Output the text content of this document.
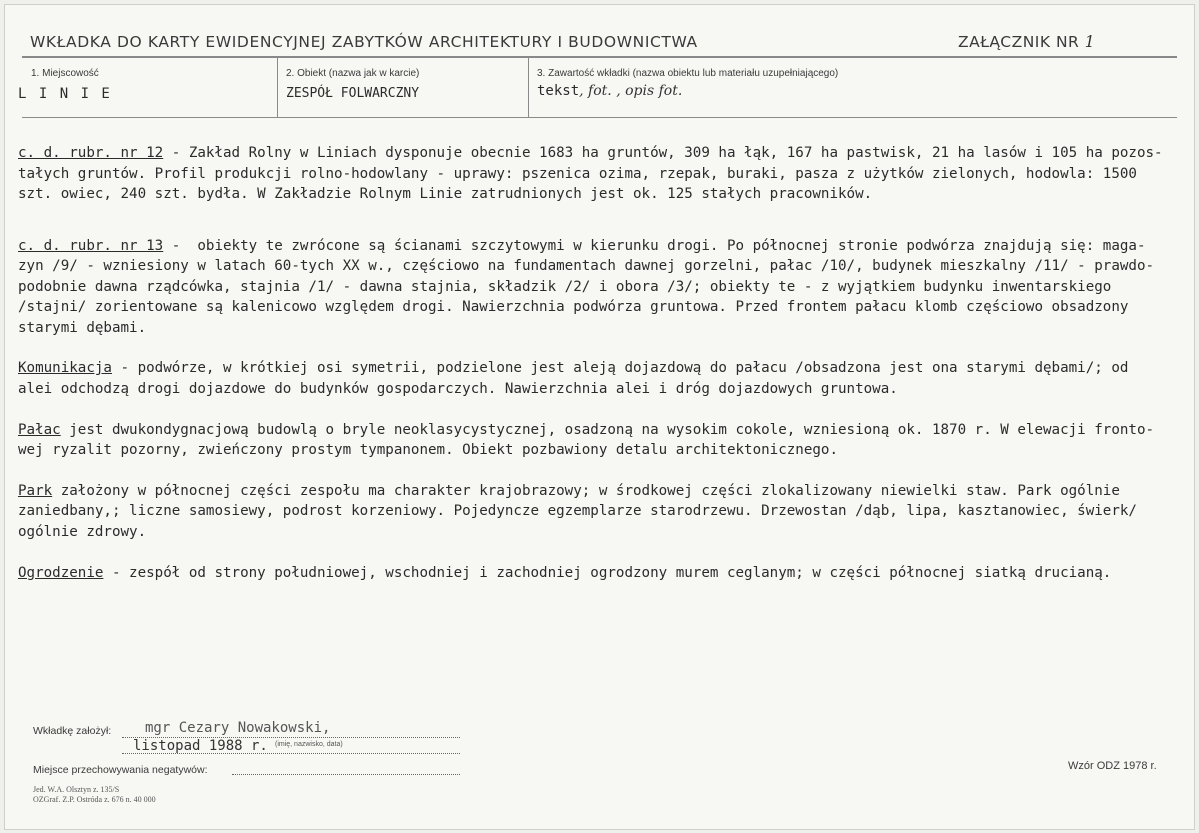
WKŁADKA DO KARTY EWIDENCYJNEJ ZABYTKÓW ARCHITEKTURY I BUDOWNICTWA	ZAŁĄCZNIK NR 1
1. Miejscowość
L I N I E
2. Obiekt (nazwa jak w karcie)
ZESPÓŁ FOLWARCZNY
3. Zawartość wkładki (nazwa obiektu lub materiału uzupełniającego)
tekst, fot. , opis fot.

c. d. rubr. nr 12 - Zakład Rolny w Liniach dysponuje obecnie 1683 ha gruntów, 309 ha łąk, 167 ha pastwisk, 21 ha lasów i 105 ha pozos-
tałych gruntów. Profil produkcji rolno-hodowlany - uprawy: pszenica ozima, rzepak, buraki, pasza z użytków zielonych, hodowla: 1500
szt. owiec, 240 szt. bydła. W Zakładzie Rolnym Linie zatrudnionych jest ok. 125 stałych pracowników.

c. d. rubr. nr 13 -  obiekty te zwrócone są ścianami szczytowymi w kierunku drogi. Po północnej stronie podwórza znajdują się: maga-
zyn /9/ - wzniesiony w latach 60-tych XX w., częściowo na fundamentach dawnej gorzelni, pałac /10/, budynek mieszkalny /11/ - prawdo-
podobnie dawna rządcówka, stajnia /1/ - dawna stajnia, składzik /2/ i obora /3/; obiekty te - z wyjątkiem budynku inwentarskiego
/stajni/ zorientowane są kalenicowo względem drogi. Nawierzchnia podwórza gruntowa. Przed frontem pałacu klomb częściowo obsadzony
starymi dębami.

Komunikacja - podwórze, w krótkiej osi symetrii, podzielone jest aleją dojazdową do pałacu /obsadzona jest ona starymi dębami/; od
alei odchodzą drogi dojazdowe do budynków gospodarczych. Nawierzchnia alei i dróg dojazdowych gruntowa.

Pałac jest dwukondygnacjową budowlą o bryle neoklasycystycznej, osadzoną na wysokim cokole, wzniesioną ok. 1870 r. W elewacji fronto-
wej ryzalit pozorny, zwieńczony prostym tympanonem. Obiekt pozbawiony detalu architektonicznego.

Park założony w północnej części zespołu ma charakter krajobrazowy; w środkowej części zlokalizowany niewielki staw. Park ogólnie
zaniedbany,; liczne samosiewy, podrost korzeniowy. Pojedyncze egzemplarze starodrzewu. Drzewostan /dąb, lipa, kasztanowiec, świerk/
ogólnie zdrowy.

Ogrodzenie - zespół od strony południowej, wschodniej i zachodniej ogrodzony murem ceglanym; w części północnej siatką drucianą.

Wkładkę założył: mgr Cezary Nowakowski,
listopad 1988 r. (imię, nazwisko, data)
Miejsce przechowywania negatywów:
Jed. W.A. Olsztyn z. 135/S
OZGraf. Z.P. Ostróda z. 676 n. 40 000
Wzór ODZ 1978 r.
